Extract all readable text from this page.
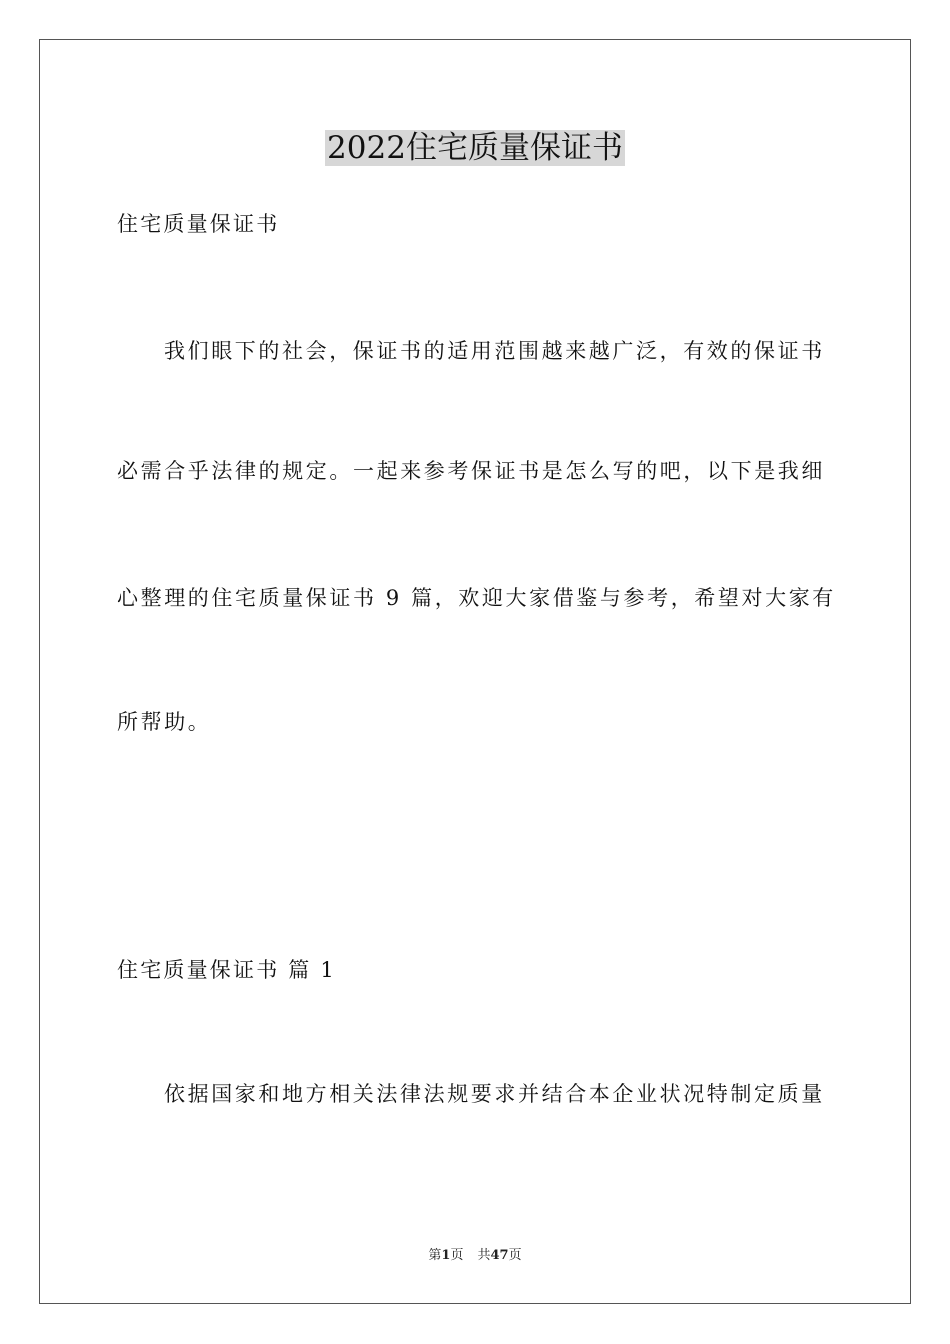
2022住宅质量保证书

住宅质量保证书

我们眼下的社会，保证书的适用范围越来越广泛，有效的保证书

必需合乎法律的规定。一起来参考保证书是怎么写的吧，以下是我细

心整理的住宅质量保证书 9 篇，欢迎大家借鉴与参考，希望对大家有

所帮助。

住宅质量保证书 篇 1

依据国家和地方相关法律法规要求并结合本企业状况特制定质量

第1页 共47页
